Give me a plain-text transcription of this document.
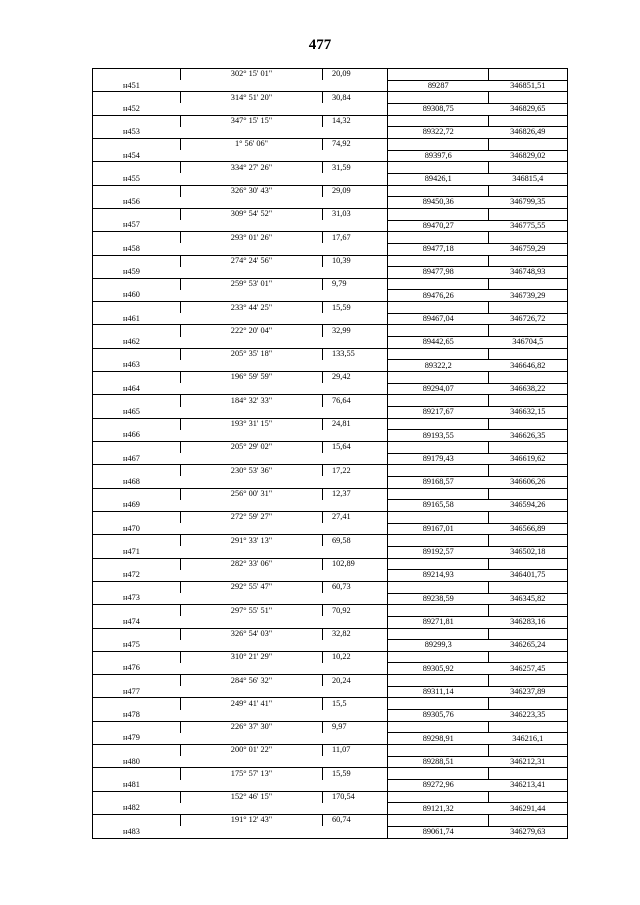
477
	302° 15' 01"	20,09		
н451			89287	346851,51
	314° 51' 20"	30,84		
н452			89308,75	346829,65
	347° 15' 15"	14,32		
н453			89322,72	346826,49
	1° 56' 06"	74,92		
н454			89397,6	346829,02
	334° 27' 26"	31,59		
н455			89426,1	346815,4
	326° 30' 43"	29,09		
н456			89450,36	346799,35
	309° 54' 52"	31,03		
н457			89470,27	346775,55
	293° 01' 26"	17,67		
н458			89477,18	346759,29
	274° 24' 56"	10,39		
н459			89477,98	346748,93
	259° 53' 01"	9,79		
н460			89476,26	346739,29
	233° 44' 25"	15,59		
н461			89467,04	346726,72
	222° 20' 04"	32,99		
н462			89442,65	346704,5
	205° 35' 18"	133,55		
н463			89322,2	346646,82
	196° 59' 59"	29,42		
н464			89294,07	346638,22
	184° 32' 33"	76,64		
н465			89217,67	346632,15
	193° 31' 15"	24,81		
н466			89193,55	346626,35
	205° 29' 02"	15,64		
н467			89179,43	346619,62
	230° 53' 36"	17,22		
н468			89168,57	346606,26
	256° 00' 31"	12,37		
н469			89165,58	346594,26
	272° 59' 27"	27,41		
н470			89167,01	346566,89
	291° 33' 13"	69,58		
н471			89192,57	346502,18
	282° 33' 06"	102,89		
н472			89214,93	346401,75
	292° 55' 47"	60,73		
н473			89238,59	346345,82
	297° 55' 51"	70,92		
н474			89271,81	346283,16
	326° 54' 03"	32,82		
н475			89299,3	346265,24
	310° 21' 29"	10,22		
н476			89305,92	346257,45
	284° 56' 32"	20,24		
н477			89311,14	346237,89
	249° 41' 41"	15,5		
н478			89305,76	346223,35
	226° 37' 30"	9,97		
н479			89298,91	346216,1
	200° 01' 22"	11,07		
н480			89288,51	346212,31
	175° 57' 13"	15,59		
н481			89272,96	346213,41
	152° 46' 15"	170,54		
н482			89121,32	346291,44
	191° 12' 43"	60,74		
н483			89061,74	346279,63
